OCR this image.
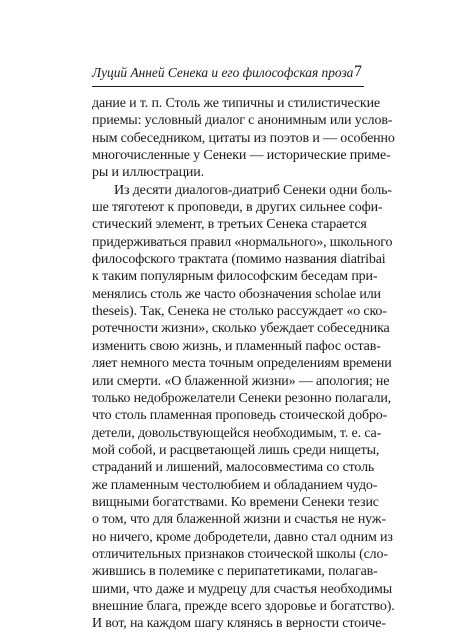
Луций Анней Сенека и его философская проза 7
дание и т. п. Столь же типичны и стилистические
приемы: условный диалог с анонимным или услов-
ным собеседником, цитаты из поэтов и — особенно
многочисленные у Сенеки — исторические приме-
ры и иллюстрации.
Из десяти диалогов-диатриб Сенеки одни боль-
ше тяготеют к проповеди, в других сильнее софи-
стический элемент, в третьих Сенека старается
придерживаться правил «нормального», школьного
философского трактата (помимо названия diatribai
к таким популярным философским беседам при-
менялись столь же часто обозначения scholae или
theseis). Так, Сенека не столько рассуждает «о ско-
ротечности жизни», сколько убеждает собеседника
изменить свою жизнь, и пламенный пафос остав-
ляет немного места точным определениям времени
или смерти. «О блаженной жизни» — апология; не
только недоброжелатели Сенеки резонно полагали,
что столь пламенная проповедь стоической добро-
детели, довольствующейся необходимым, т. е. са-
мой собой, и расцветающей лишь среди нищеты,
страданий и лишений, малосовместима со столь
же пламенным честолюбием и обладанием чудо-
вищными богатствами. Ко времени Сенеки тезис
о том, что для блаженной жизни и счастья не нуж-
но ничего, кроме добродетели, давно стал одним из
отличительных признаков стоической школы (сло-
жившись в полемике с перипатетиками, полагав-
шими, что даже и мудрецу для счастья необходимы
внешние блага, прежде всего здоровье и богатство).
И вот, на каждом шагу клянясь в верности стоиче-
